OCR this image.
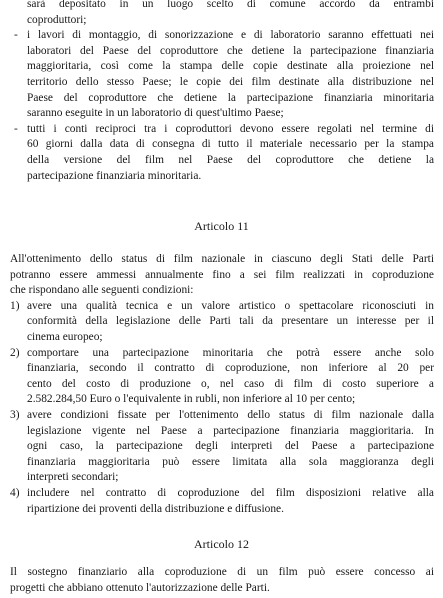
sarà depositato in un luogo scelto di comune accordo da entrambi
coproduttori;
- i lavori di montaggio, di sonorizzazione e di laboratorio saranno effettuati nei
laboratori del Paese del coproduttore che detiene la partecipazione finanziaria
maggioritaria, così come la stampa delle copie destinate alla proiezione nel
territorio dello stesso Paese; le copie dei film destinate alla distribuzione nel
Paese del coproduttore che detiene la partecipazione finanziaria minoritaria
saranno eseguite in un laboratorio di quest'ultimo Paese;
- tutti i conti reciproci tra i coproduttori devono essere regolati nel termine di
60 giorni dalla data di consegna di tutto il materiale necessario per la stampa
della versione del film nel Paese del coproduttore che detiene la
partecipazione finanziaria minoritaria.
Articolo 11
All'ottenimento dello status di film nazionale in ciascuno degli Stati delle Parti
potranno essere ammessi annualmente fino a sei film realizzati in coproduzione
che rispondano alle seguenti condizioni:
1) avere una qualità tecnica e un valore artistico o spettacolare riconosciuti in
conformità della legislazione delle Parti tali da presentare un interesse per il
cinema europeo;
2) comportare una partecipazione minoritaria che potrà essere anche solo
finanziaria, secondo il contratto di coproduzione, non inferiore al 20 per
cento del costo di produzione o, nel caso di film di costo superiore a
2.582.284,50 Euro o l'equivalente in rubli, non inferiore al 10 per cento;
3) avere condizioni fissate per l'ottenimento dello status di film nazionale dalla
legislazione vigente nel Paese a partecipazione finanziaria maggioritaria. In
ogni caso, la partecipazione degli interpreti del Paese a partecipazione
finanziaria maggioritaria può essere limitata alla sola maggioranza degli
interpreti secondari;
4) includere nel contratto di coproduzione del film disposizioni relative alla
ripartizione dei proventi della distribuzione e diffusione.
Articolo 12
Il sostegno finanziario alla coproduzione di un film può essere concesso ai
progetti che abbiano ottenuto l'autorizzazione delle Parti.
